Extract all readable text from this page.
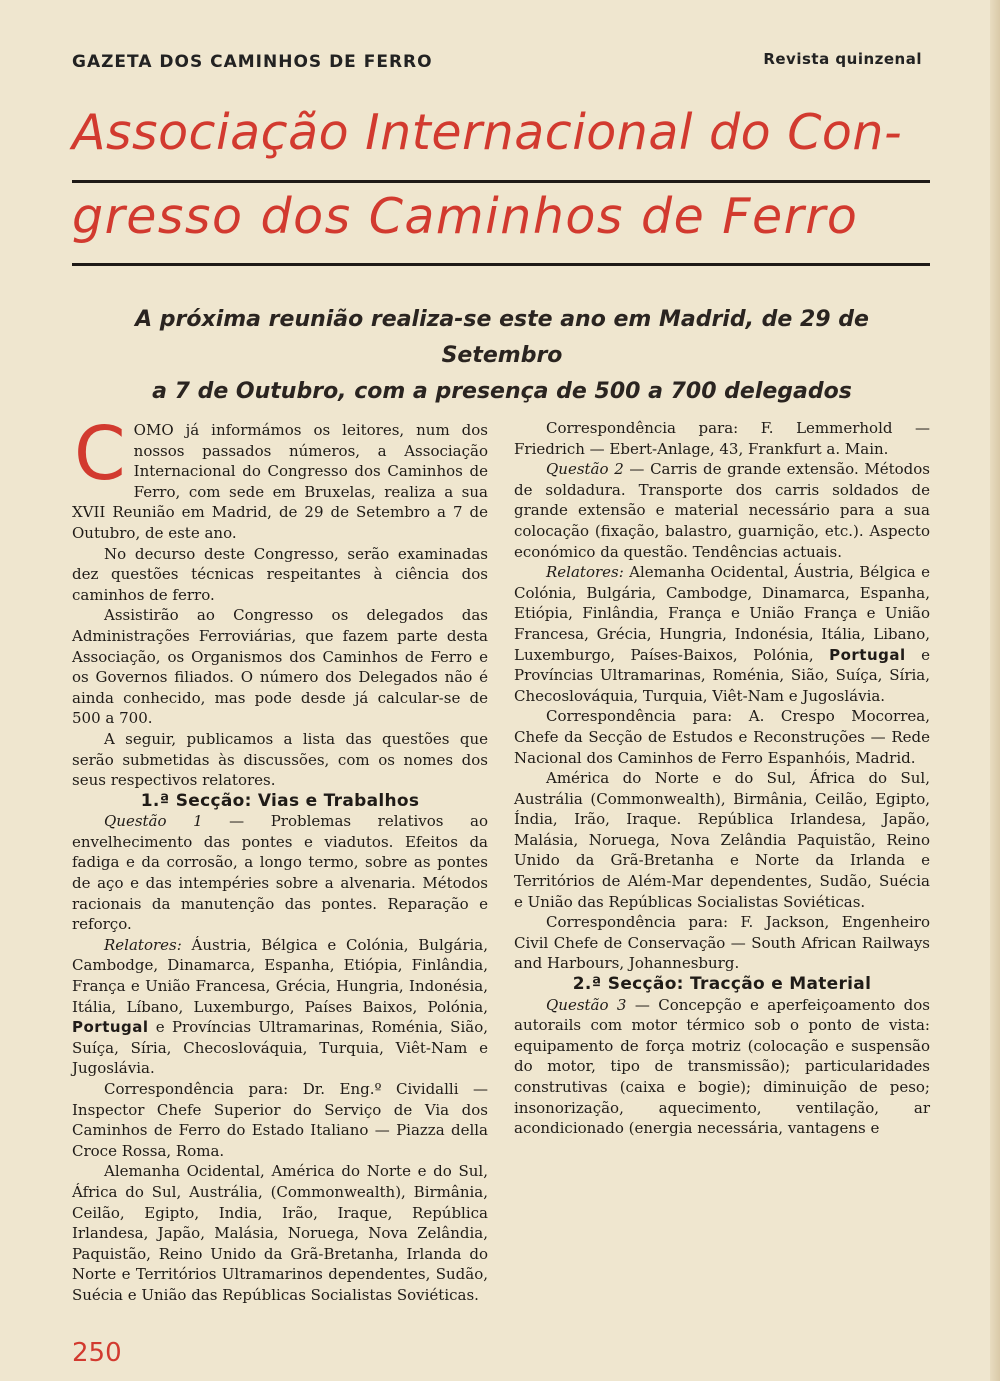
GAZETA DOS CAMINHOS DE FERRO	Revista quinzenal
Associação Internacional do Con-
gresso dos Caminhos de Ferro
A próxima reunião realiza-se este ano em Madrid, de 29 de Setembro
a 7 de Outubro, com a presença de 500 a 700 delegados

COMO já informámos os leitores, num dos nossos passados números, a Associação Internacional do Congresso dos Caminhos de Ferro, com sede em Bruxelas, realiza a sua XVII Reunião em Madrid, de 29 de Setembro a 7 de Outubro, de este ano.

No decurso deste Congresso, serão examinadas dez questões técnicas respeitantes à ciência dos caminhos de ferro.

Assistirão ao Congresso os delegados das Administrações Ferroviárias, que fazem parte desta Associação, os Organismos dos Caminhos de Ferro e os Governos filiados. O número dos Delegados não é ainda conhecido, mas pode desde já calcular-se de 500 a 700.

A seguir, publicamos a lista das questões que serão submetidas às discussões, com os nomes dos seus respectivos relatores.

1.ª Secção: Vias e Trabalhos

Questão 1 — Problemas relativos ao envelhecimento das pontes e viadutos. Efeitos da fadiga e da corrosão, a longo termo, sobre as pontes de aço e das intempéries sobre a alvenaria. Métodos racionais da manutenção das pontes. Reparação e reforço.

Relatores: Áustria, Bélgica e Colónia, Bulgária, Cambodge, Dinamarca, Espanha, Etiópia, Finlândia, França e União Francesa, Grécia, Hungria, Indonésia, Itália, Líbano, Luxemburgo, Países Baixos, Polónia, Portugal e Províncias Ultramarinas, Roménia, Sião, Suíça, Síria, Checoslováquia, Turquia, Viêt-Nam e Jugoslávia.

Correspondência para: Dr. Eng.º Cividalli — Inspector Chefe Superior do Serviço de Via dos Caminhos de Ferro do Estado Italiano — Piazza della Croce Rossa, Roma.

Alemanha Ocidental, América do Norte e do Sul, África do Sul, Austrália, (Commonwealth), Birmânia, Ceilão, Egipto, India, Irão, Iraque, República Irlandesa, Japão, Malásia, Noruega, Nova Zelândia, Paquistão, Reino Unido da Grã-Bretanha, Irlanda do Norte e Territórios Ultramarinos dependentes, Sudão, Suécia e União das Repúblicas Socialistas Soviéticas.

Correspondência para: F. Lemmerhold — Friedrich — Ebert-Anlage, 43, Frankfurt a. Main.

Questão 2 — Carris de grande extensão. Métodos de soldadura. Transporte dos carris soldados de grande extensão e material necessário para a sua colocação (fixação, balastro, guarnição, etc.). Aspecto económico da questão. Tendências actuais.

Relatores: Alemanha Ocidental, Áustria, Bélgica e Colónia, Bulgária, Cambodge, Dinamarca, Espanha, Etiópia, Finlândia, França e União França e União Francesa, Grécia, Hungria, Indonésia, Itália, Libano, Luxemburgo, Países-Baixos, Polónia, Portugal e Províncias Ultramarinas, Roménia, Sião, Suíça, Síria, Checoslováquia, Turquia, Viêt-Nam e Jugoslávia.

Correspondência para: A. Crespo Mocorrea, Chefe da Secção de Estudos e Reconstruções — Rede Nacional dos Caminhos de Ferro Espanhóis, Madrid.

América do Norte e do Sul, África do Sul, Austrália (Commonwealth), Birmânia, Ceilão, Egipto, Índia, Irão, Iraque. República Irlandesa, Japão, Malásia, Noruega, Nova Zelândia Paquistão, Reino Unido da Grã-Bretanha e Norte da Irlanda e Territórios de Além-Mar dependentes, Sudão, Suécia e União das Repúblicas Socialistas Soviéticas.

Correspondência para: F. Jackson, Engenheiro Civil Chefe de Conservação — South African Railways and Harbours, Johannesburg.

2.ª Secção: Tracção e Material

Questão 3 — Concepção e aperfeiçoamento dos autorails com motor térmico sob o ponto de vista: equipamento de força motriz (colocação e suspensão do motor, tipo de transmissão); particularidades construtivas (caixa e bogie); diminuição de peso; insonorização, aquecimento, ventilação, ar acondicionado (energia necessária, vantagens e

250
